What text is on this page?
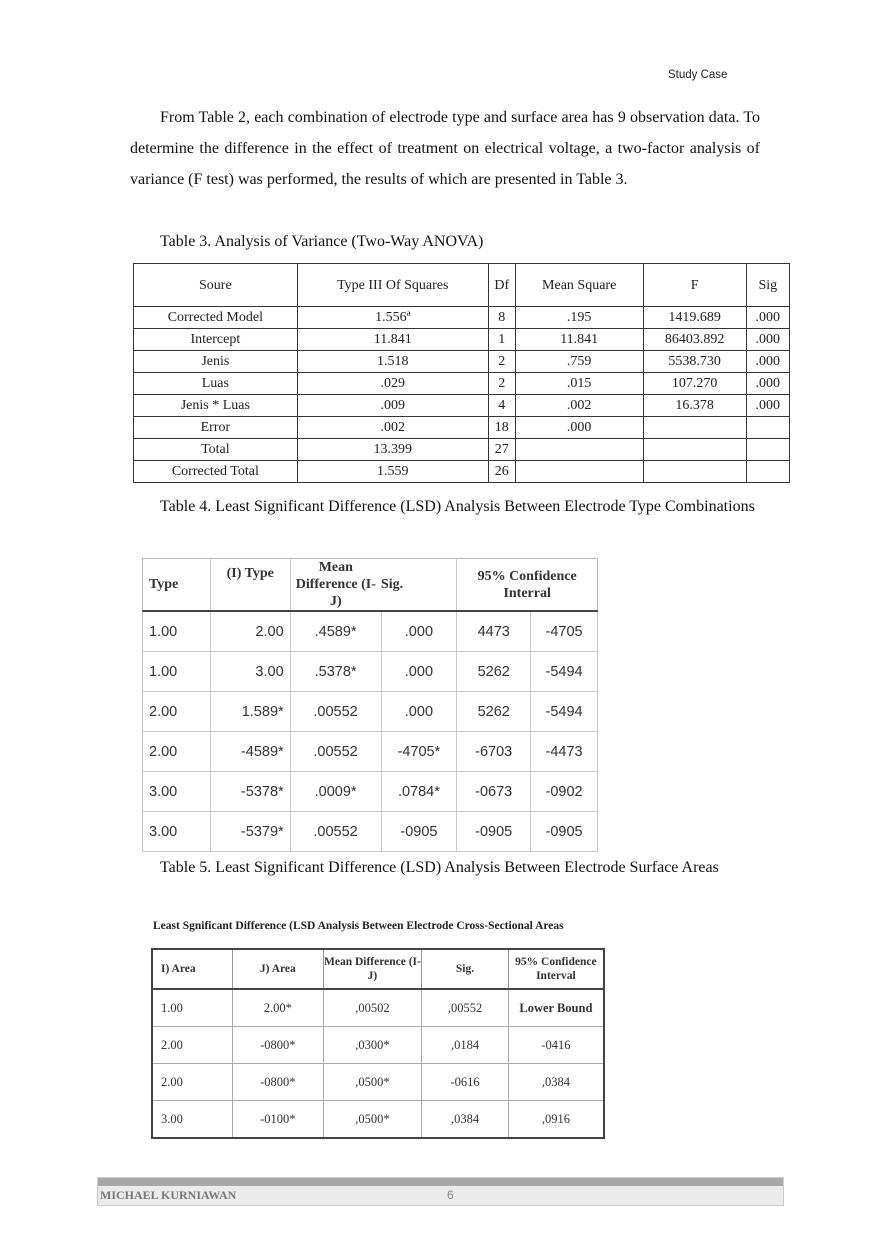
Study Case
From Table 2, each combination of electrode type and surface area has 9 observation data. To determine the difference in the effect of treatment on electrical voltage, a two-factor analysis of variance (F test) was performed, the results of which are presented in Table 3.
Table 3. Analysis of Variance (Two-Way ANOVA)
Soure	Type III Of Squares	Df	Mean Square	F	Sig
Corrected Model	1.556ª	8	.195	1419.689	.000
Intercept	11.841	1	11.841	86403.892	.000
Jenis	1.518	2	.759	5538.730	.000
Luas	.029	2	.015	107.270	.000
Jenis * Luas	.009	4	.002	16.378	.000
Error	.002	18	.000		
Total	13.399	27			
Corrected Total	1.559	26			
Table 4. Least Significant Difference (LSD) Analysis Between Electrode Type Combinations
Type	(I) Type	Mean Difference (I-J)	Sig.	95% Confidence Interral	
1.00	2.00	.4589*	.000	4473	-4705
1.00	3.00	.5378*	.000	5262	-5494
2.00	1.589*	.00552	.000	5262	-5494
2.00	-4589*	.00552	-4705*	-6703	-4473
3.00	-5378*	.0009*	.0784*	-0673	-0902
3.00	-5379*	.00552	-0905	-0905	-0905
Table 5. Least Significant Difference (LSD) Analysis Between Electrode Surface Areas
Least Sgnificant Difference (LSD Analysis Between Electrode Cross-Sectional Areas
I) Area	J) Area	Mean Difference (I-J)	Sig.	95% Confidence Interval
1.00	2.00*	,00502	,00552	Lower Bound
2.00	-0800*	,0300*	,0184	-0416
2.00	-0800*	,0500*	-0616	,0384
3.00	-0100*	,0500*	,0384	,0916
MICHAEL KURNIAWAN	6
